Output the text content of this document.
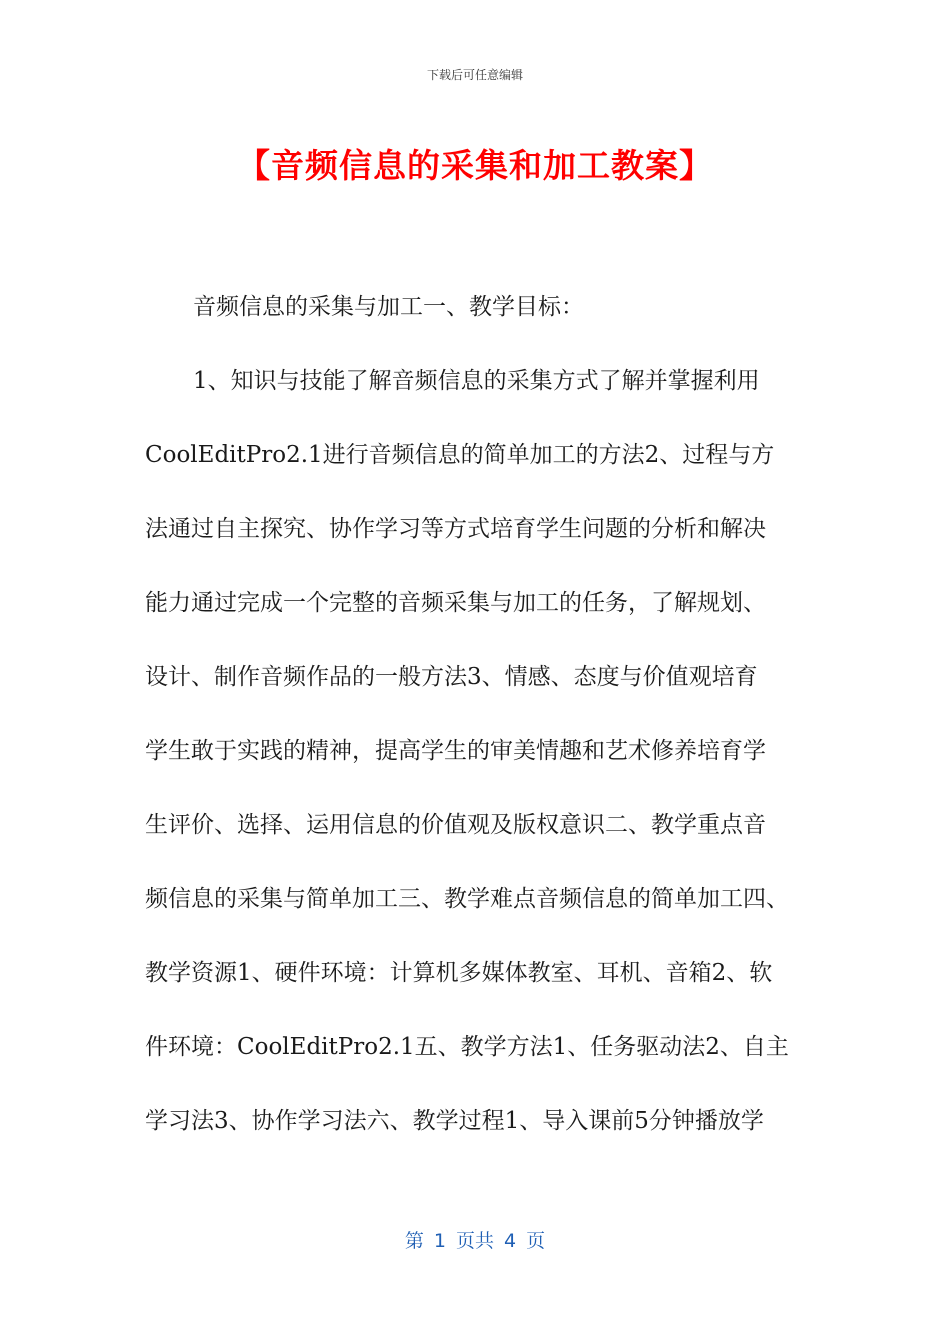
下载后可任意编辑
【音频信息的采集和加工教案】

音频信息的采集与加工一、教学目标：

1、知识与技能了解音频信息的采集方式了解并掌握利用

CoolEditPro2.1进行音频信息的简单加工的方法2、过程与方

法通过自主探究、协作学习等方式培育学生问题的分析和解决

能力通过完成一个完整的音频采集与加工的任务，了解规划、

设计、制作音频作品的一般方法3、情感、态度与价值观培育

学生敢于实践的精神，提高学生的审美情趣和艺术修养培育学

生评价、选择、运用信息的价值观及版权意识二、教学重点音

频信息的采集与简单加工三、教学难点音频信息的简单加工四、

教学资源1、硬件环境：计算机多媒体教室、耳机、音箱2、软

件环境：CoolEditPro2.1五、教学方法1、任务驱动法2、自主

学习法3、协作学习法六、教学过程1、导入课前5分钟播放学

第 1 页共 4 页
